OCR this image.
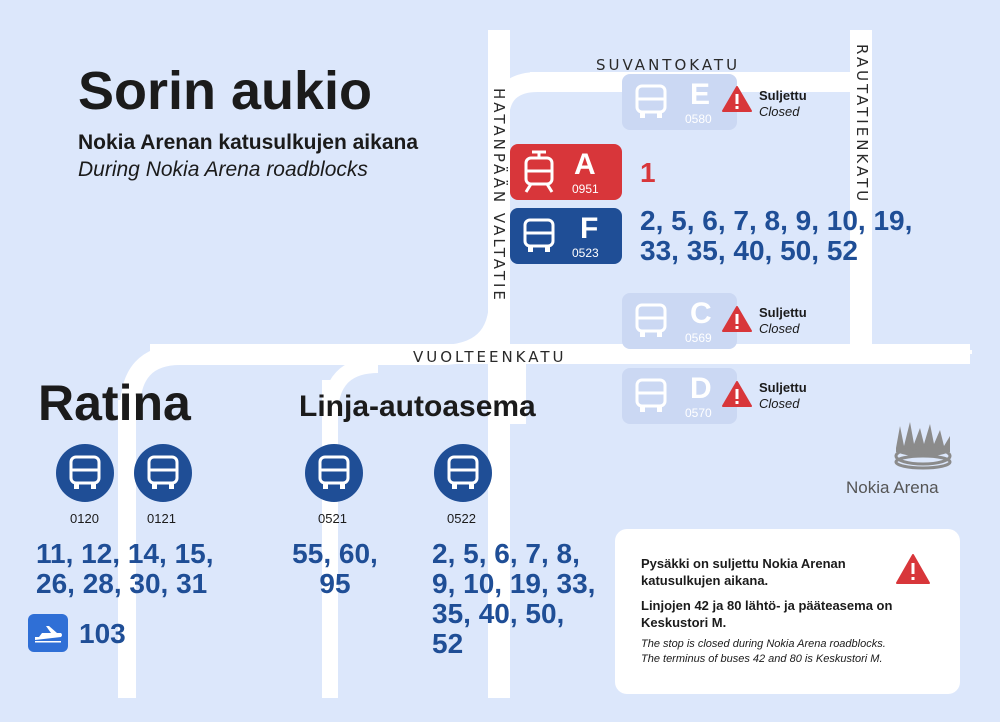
SUVANTOKATU	RAUTATIENKATU
HATANPÄÄN VALTATIE
VUOLTEENKATU
Sorin aukio
Nokia Arenan katusulkujen aikana
During Nokia Arena roadblocks
E
0580
Suljettu
Closed
A
0951
1
F
0523
2, 5, 6, 7, 8, 9, 10, 19,
33, 35, 40, 50, 52
C
0569
Suljettu
Closed
D
0570
Suljettu
Closed
Nokia Arena
Ratina
0120	0121
11, 12, 14, 15,
26, 28, 30, 31
103
Linja-autoasema
0521
55, 60,
95
0522
2, 5, 6, 7, 8,
9, 10, 19, 33,
35, 40, 50,
52
Pysäkki on suljettu Nokia Arenan katusulkujen aikana.
Linjojen 42 ja 80 lähtö- ja pääteasema on Keskustori M.
The stop is closed during Nokia Arena roadblocks.
The terminus of buses 42 and 80 is Keskustori M.
